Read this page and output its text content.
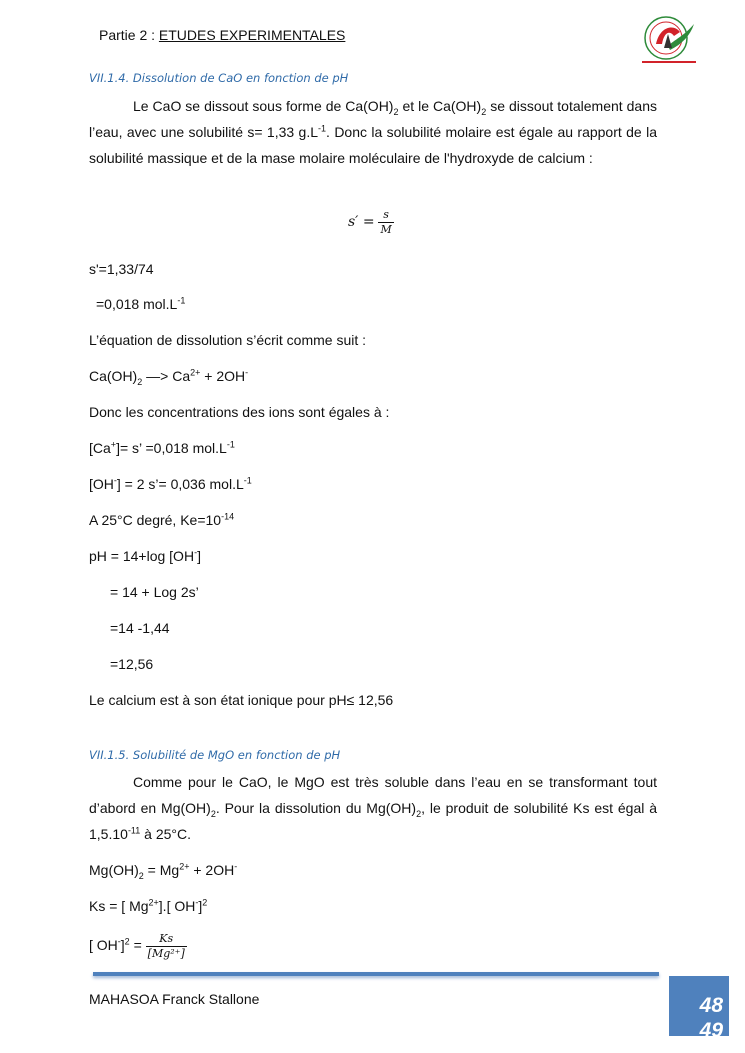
Partie 2 : ETUDES EXPERIMENTALES
VII.1.4. Dissolution de CaO en fonction de pH
Le CaO se dissout sous forme de $Ca(OH)_2$ et le $Ca(OH)_2$ se dissout totalement dans l’eau, avec une solubilité s= 1,33 $g.L^{-1}$. Donc la solubilité molaire est égale au rapport de la solubilité massique et de la mase molaire moléculaire de l'hydroxyde de calcium :
$s' = \frac{s}{M}$
s'=1,33/74
=0,018 $mol.L^{-1}$
L’équation de dissolution s’écrit comme suit :
$Ca(OH)_2$ —> $Ca^{2+} + 2OH^-$
Donc les concentrations des ions sont égales à :
[Ca+]= s’ =0,018 $mol.L^{-1}$
[OH-] = 2 s’= 0,036 $mol.L^{-1}$
A 25°C degré, $Ke=10^{-14}$
pH = 14+log [OH-]
= 14 + Log 2s’
=14 -1,44
=12,56
Le calcium est à son état ionique pour pH≤ 12,56
VII.1.5. Solubilité de MgO en fonction de pH
Comme pour le CaO, le MgO est très soluble dans l’eau en se transformant tout d’abord en $Mg(OH)_2$. Pour la dissolution du $Mg(OH)_2$, le produit de solubilité Ks est égal à $1,5.10^{-11}$ à 25°C.
$Mg(OH)_2 = Mg^{2+} + 2OH^-$
Ks = [ $Mg^{2+}$].[ OH-]$^2$
[ $OH^-]^2 = \frac{Ks}{\text{[Mg²⁺]}}$
MAHASOA Franck Stallone	48
49
